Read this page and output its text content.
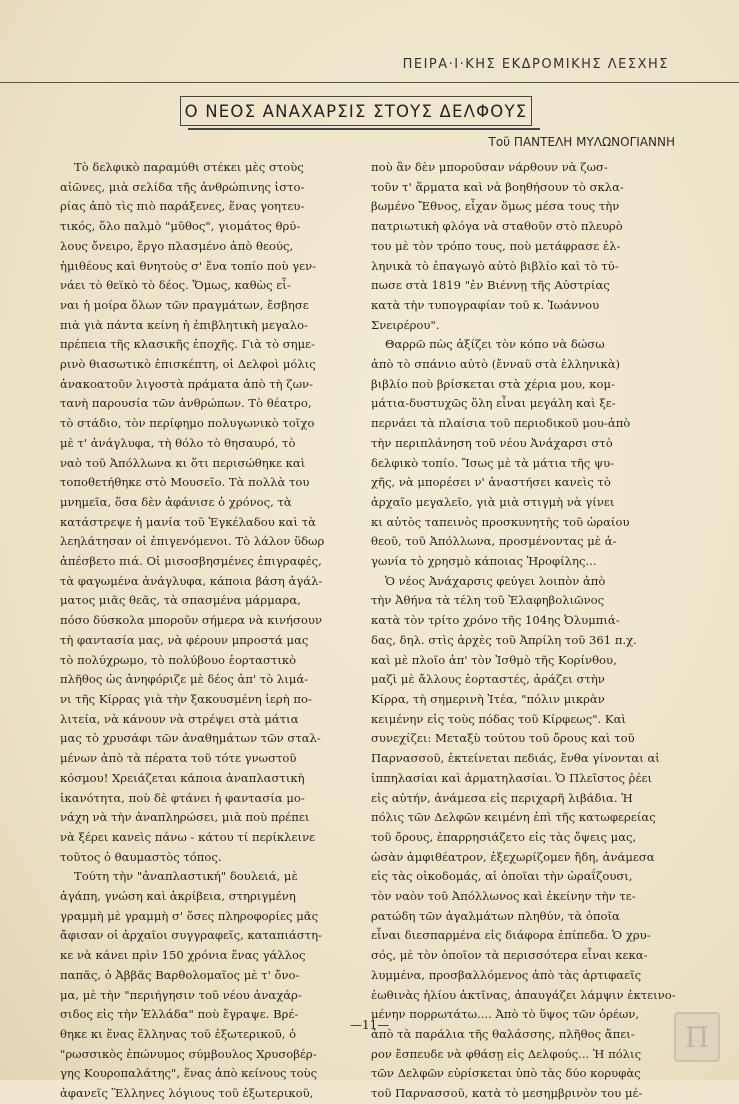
ΠΕΙΡΑ·Ι·ΚΗΣ ΕΚΔΡΟΜΙΚΗΣ ΛΕΣΧΗΣ
Ο ΝΕΟΣ ΑΝΑΧΑΡΣΙΣ ΣΤΟΥΣ ΔΕΛΦΟΥΣ
Τοῦ ΠΑΝΤΕΛΗ ΜΥΛΩΝΟΓΙΑΝΝΗ
Τὸ δελφικὸ παραμύθι στέκει μὲς στοὺς
αἰῶνες, μιὰ σελίδα τῆς ἀνθρώπινης ἱστο-
ρίας ἀπὸ τὶς πιὸ παράξενες, ἕνας γοητευ-
τικός, ὅλο παλμὸ "μῦθος", γιομάτος θρύ-
λους ὄνειρο, ἔργο πλασμένο ἀπὸ θεούς,
ἡμιθέους καὶ θνητοὺς σ' ἕνα τοπίο ποὺ γεν-
νάει τὸ θεϊκὸ τὸ δέος. Ὅμως, καθὼς εἶ-
ναι ἡ μοίρα ὅλων τῶν πραγμάτων, ἔσβησε
πιὰ γιὰ πάντα κείνη ἡ ἐπιβλητικὴ μεγαλο-
πρέπεια τῆς κλασικῆς ἐποχῆς. Γιὰ τὸ σημε-
ρινὸ θιασωτικὸ ἐπισκέπτη, οἱ Δελφοὶ μόλις
ἀνακοατοῦν λιγοστὰ πράματα ἀπὸ τὴ ζων-
τανὴ παρουσία τῶν ἀνθρώπων. Τὸ θέατρο,
τὸ στάδιο, τὸν περίφημο πολυγωνικὸ τοῖχο
μὲ τ' ἀνάγλυφα, τὴ θόλο τὸ θησαυρό, τὸ
ναὸ τοῦ Ἀπόλλωνα κι ὅτι περισώθηκε καὶ
τοποθετήθηκε στὸ Μουσεῖο. Τὰ πολλὰ του
μνημεῖα, ὅσα δὲν ἀφάνισε ὁ χρόνος, τὰ
κατάστρεψε ἡ μανία τοῦ Ἐγκέλαδου καὶ τὰ
λεηλάτησαν οἱ ἐπιγενόμενοι. Τὸ λάλον ὕδωρ
ἀπέσβετο πιά. Οἱ μισοσβησμένες ἐπιγραφές,
τὰ φαγωμένα ἀνάγλυφα, κάποια βάση ἀγάλ-
ματος μιᾶς θεᾶς, τὰ σπασμένα μάρμαρα,
πόσο δύσκολα μποροῦν σήμερα νὰ κινήσουν
τὴ φαντασία μας, νὰ φέρουν μπροστά μας
τὸ πολύχρωμο, τὸ πολύβουο ἑορταστικὸ
πλῆθος ὡς ἀνηφόριζε μὲ δέος ἀπ' τὸ λιμά-
νι τῆς Κίρρας γιὰ τὴν ξακουσμένη ἱερὴ πο-
λιτεία, νὰ κάνουν νὰ στρέψει στὰ μάτια
μας τὸ χρυσάφι τῶν ἀναθημάτων τῶν σταλ-
μένων ἀπὸ τὰ πέρατα τοῦ τότε γνωστοῦ
κόσμου! Χρειάζεται κάποια ἀναπλαστικὴ
ἱκανότητα, ποὺ δὲ φτάνει ἡ φαντασία μο-
νάχη νὰ τὴν ἀναπληρώσει, μιὰ ποὺ πρέπει
νὰ ξέρει κανεὶς πάνω - κάτου τί περίκλεινε
τοῦτος ὁ θαυμαστὸς τόπος.
Τούτη τὴν "ἀναπλαστική" δουλειά, μὲ
ἀγάπη, γνώση καὶ ἀκρίβεια, στηριγμένη
γραμμὴ μὲ γραμμὴ σ' ὅσες πληροφορίες μᾶς
ἄφισαν οἱ ἀρχαῖοι συγγραφεῖς, καταπιάστη-
κε νὰ κάνει πρὶν 150 χρόνια ἕνας γάλλος
παπᾶς, ὁ Ἀββᾶς Βαρθολομαῖος μὲ τ' ὄνο-
μα, μὲ τὴν "περιήγησιν τοῦ νέου ἀναχάρ-
σιδος εἰς τὴν Ἑλλάδα" ποὺ ἔγραψε. Βρέ-
θηκε κι ἕνας ἕλληνας τοῦ ἐξωτερικοῦ, ὁ
"ρωσσικὸς ἐπώνυμος σύμβουλος Χρυσοβέρ-
γης Κουροπαλάτης", ἕνας ἀπὸ κείνους τοὺς
ἀφανεῖς Ἕλληνες λόγιους τοῦ ἐξωτερικοῦ,
ποὺ ἂν δὲν μποροῦσαν νάρθουν νὰ ζωσ-
τοῦν τ' ἅρματα καὶ νὰ βοηθήσουν τὸ σκλα-
βωμένο Ἔθνος, εἶχαν ὅμως μέσα τους τὴν
πατριωτικὴ φλόγα νὰ σταθοῦν στὸ πλευρὸ
του μὲ τὸν τρόπο τους, ποὺ μετάφρασε ἑλ-
ληνικὰ τὸ ἐπαγωγὸ αὐτὸ βιβλίο καὶ τὸ τύ-
πωσε στὰ 1819 "ἐν Βιέννῃ τῆς Αὐστρίας
κατὰ τὴν τυπογραφίαν τοῦ κ. Ἰωάννου
Σνειρέρου".
Θαρρῶ πὼς ἀξίζει τὸν κόπο νὰ δώσω
ἀπὸ τὸ σπάνιο αὐτὸ (ἔνναῦ στὰ ἑλληνικὰ)
βιβλίο ποὺ βρίσκεται στὰ χέρια μου, κομ-
μάτια-δυστυχῶς ὅλη εἶναι μεγάλη καὶ ξε-
περνάει τὰ πλαίσια τοῦ περιοδικοῦ μου-ἀπὸ
τὴν περιπλάνηση τοῦ νέου Ἀνάχαρσι στὸ
δελφικὸ τοπίο. Ἴσως μὲ τὰ μάτια τῆς ψυ-
χῆς, νὰ μπορέσει ν' ἀναστήσει κανεὶς τὸ
ἀρχαῖο μεγαλεῖο, γιὰ μιὰ στιγμὴ νὰ γίνει
κι αὐτὸς ταπεινὸς προσκυνητὴς τοῦ ὡραίου
θεοῦ, τοῦ Ἀπόλλωνα, προσμένοντας μὲ ἀ-
γωνία τὸ χρησμὸ κάποιας Ἡροφίλης...
Ὁ νέος Ἀνάχαρσις φεύγει λοιπὸν ἀπὸ
τὴν Ἀθήνα τὰ τέλη τοῦ Ἐλαφηβολιῶνος
κατὰ τὸν τρίτο χρόνο τῆς 104ης Ὀλυμπιά-
δας, δηλ. στὶς ἀρχὲς τοῦ Ἀπρίλη τοῦ 361 π.χ.
καὶ μὲ πλοῖο ἀπ' τὸν Ἰσθμὸ τῆς Κορίνθου,
μαζὶ μὲ ἄλλους ἑορταστές, ἀράζει στὴν
Κίρρα, τὴ σημερινὴ Ἰτέα, "πόλιν μικρὰν
κειμένην εἰς τοὺς πόδας τοῦ Κίρφεως". Καὶ
συνεχίζει: Μεταξὺ τούτου τοῦ ὄρους καὶ τοῦ
Παρνασσοῦ, ἐκτείνεται πεδιάς, ἔνθα γίνονται αἱ
ἱππηλασίαι καὶ ἁρματηλασίαι. Ὁ Πλεῖστος ῥέει
εἰς αὐτήν, ἀνάμεσα εἰς περιχαρῆ λιβάδια. Ἡ
πόλις τῶν Δελφῶν κειμένη ἐπὶ τῆς κατωφερείας
τοῦ ὄρους, ἐπαρρησιάζετο εἰς τὰς ὄψεις μας,
ὡσὰν ἀμφιθέατρον, ἐξεχωρίζομεν ἤδη, ἀνάμεσα
εἰς τὰς οἰκοδομάς, αἱ ὁποῖαι τὴν ὡραΐζουσι,
τὸν ναὸν τοῦ Ἀπόλλωνος καὶ ἐκείνην τὴν τε-
ρατώδη τῶν ἀγαλμάτων πληθύν, τὰ ὁποῖα
εἶναι διεσπαρμένα εἰς διάφορα ἐπίπεδα. Ὁ χρυ-
σός, μὲ τὸν ὁποῖον τὰ περισσότερα εἶναι κεκα-
λυμμένα, προσβαλλόμενος ἀπὸ τὰς ἀρτιφαεῖς
ἐωθινὰς ἡλίου ἀκτῖνας, ἀπαυγάζει λάμψιν ἐκτεινο-
μένην πορρωτάτω.... Ἀπὸ τὸ ὕψος τῶν ὀρέων,
ἀπὸ τὰ παράλια τῆς θαλάσσης, πλῆθος ἄπει-
ρον ἔσπευδε νὰ φθάσῃ εἰς Δελφούς... Ἡ πόλις
τῶν Δελφῶν εὑρίσκεται ὑπὸ τὰς δύο κορυφὰς
τοῦ Παρνασσοῦ, κατὰ τὸ μεσημβρινὸν του μέ-
—11—	Π
